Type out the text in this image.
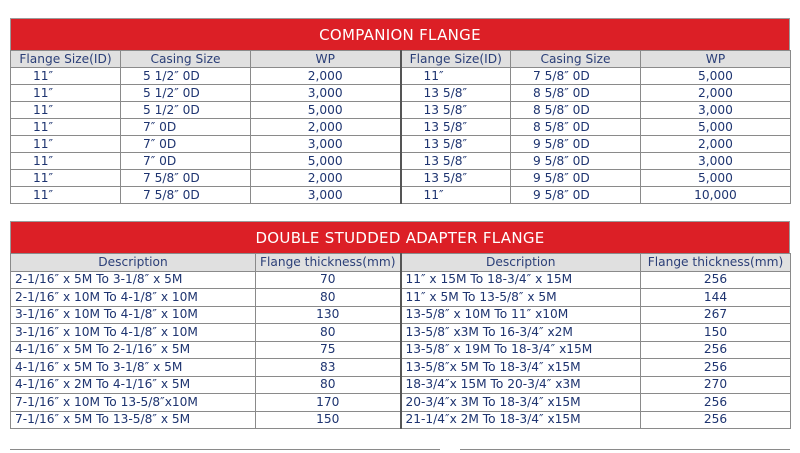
COMPANION FLANGE
Flange Size(ID)	Casing Size	WP	Flange Size(ID)	Casing Size	WP
11″	5 1/2″ 0D	2,000	11″	7 5/8″ 0D	5,000
11″	5 1/2″ 0D	3,000	13 5/8″	8 5/8″ 0D	2,000
11″	5 1/2″ 0D	5,000	13 5/8″	8 5/8″ 0D	3,000
11″	7″ 0D	2,000	13 5/8″	8 5/8″ 0D	5,000
11″	7″ 0D	3,000	13 5/8″	9 5/8″ 0D	2,000
11″	7″ 0D	5,000	13 5/8″	9 5/8″ 0D	3,000
11″	7 5/8″ 0D	2,000	13 5/8″	9 5/8″ 0D	5,000
11″	7 5/8″ 0D	3,000	11″	9 5/8″ 0D	10,000
DOUBLE STUDDED ADAPTER FLANGE
Description	Flange thickness(mm)	Description	Flange thickness(mm)
2-1/16″ x 5M To 3-1/8″ x 5M	70	11″ x 15M To 18-3/4″ x 15M	256
2-1/16″ x 10M To 4-1/8″ x 10M	80	11″ x 5M To 13-5/8″ x 5M	144
3-1/16″ x 10M To 4-1/8″ x 10M	130	13-5/8″ x 10M To 11″ x10M	267
3-1/16″ x 10M To 4-1/8″ x 10M	80	13-5/8″ x3M To 16-3/4″ x2M	150
4-1/16″ x 5M To 2-1/16″ x 5M	75	13-5/8″ x 19M To 18-3/4″ x15M	256
4-1/16″ x 5M To 3-1/8″ x 5M	83	13-5/8″x 5M To 18-3/4″ x15M	256
4-1/16″ x 2M To 4-1/16″ x 5M	80	18-3/4″x 15M To 20-3/4″ x3M	270
7-1/16″ x 10M To 13-5/8″x10M	170	20-3/4″x 3M To 18-3/4″ x15M	256
7-1/16″ x 5M To 13-5/8″ x 5M	150	21-1/4″x 2M To 18-3/4″ x15M	256
